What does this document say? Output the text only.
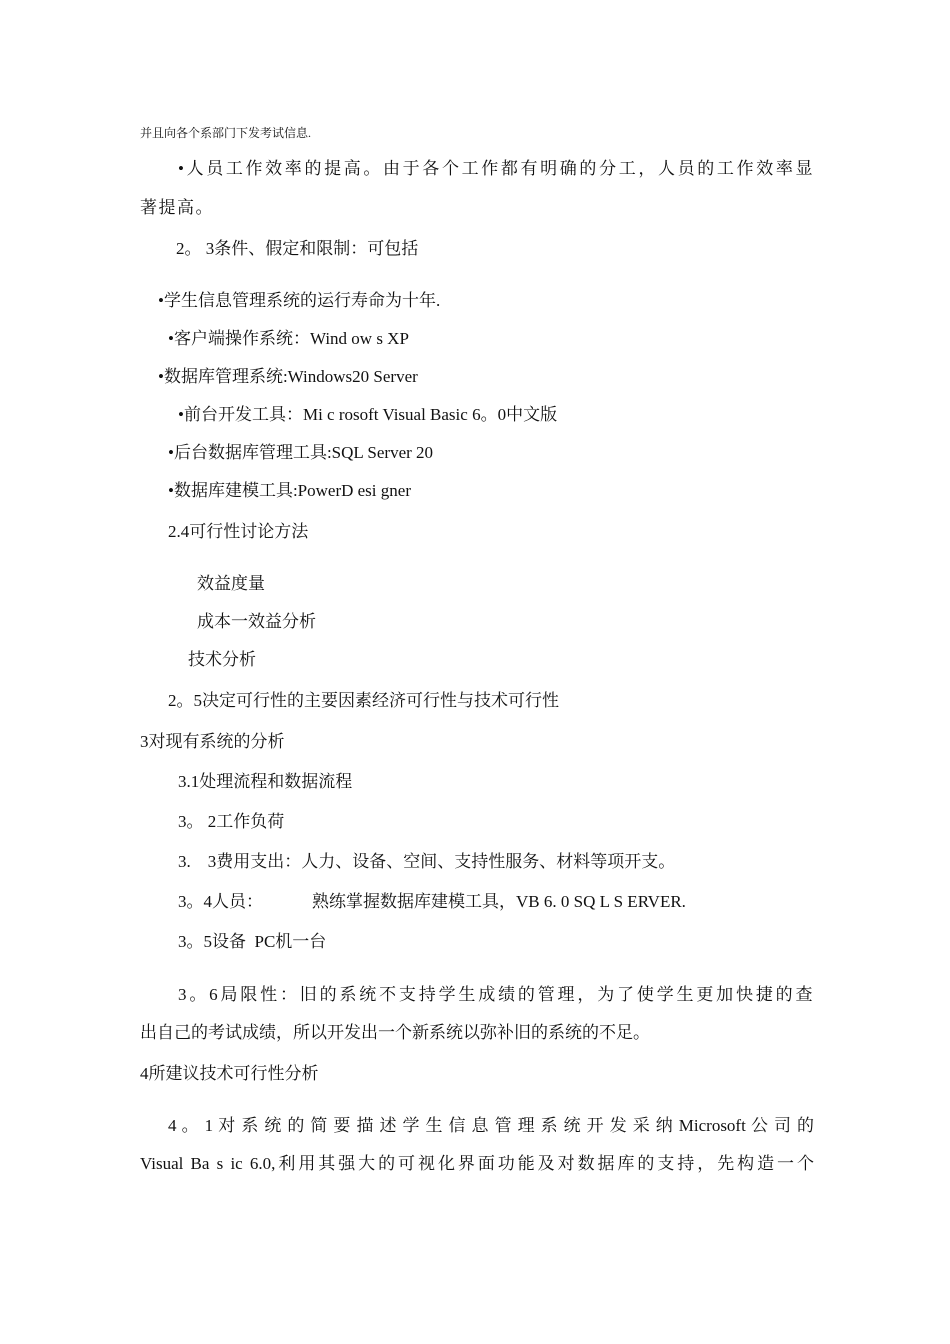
并且向各个系部门下发考试信息.
•人员工作效率的提高。由于各个工作都有明确的分工，人员的工作效率显
著提高。
2。 3条件、假定和限制：可包括
•学生信息管理系统的运行寿命为十年.
•客户端操作系统：Wind ow s XP
•数据库管理系统:Windows20 Server
•前台开发工具：Mi c rosoft Visual Basic 6。0中文版
•后台数据库管理工具:SQL Server 20
•数据库建模工具:PowerD esi gner
2.4可行性讨论方法
效益度量
成本一效益分析
技术分析
2。5决定可行性的主要因素经济可行性与技术可行性
3对现有系统的分析
3.1处理流程和数据流程
3。 2工作负荷
3.    3费用支出：人力、设备、空间、支持性服务、材料等项开支。
3。4人员：	熟练掌握数据库建模工具，VB 6. 0 SQ L S ERVER.
3。5设备  PC机一台
3。6局限性：旧的系统不支持学生成绩的管理，为了使学生更加快捷的查
出自己的考试成绩，所以开发出一个新系统以弥补旧的系统的不足。
4所建议技术可行性分析
4 。 1 对 系 统 的 简 要 描 述 学 生 信 息 管 理 系 统 开 发 采 纳 Microsoft 公 司 的
Visual Ba s ic 6.0,利用其强大的可视化界面功能及对数据库的支持，先构造一个
